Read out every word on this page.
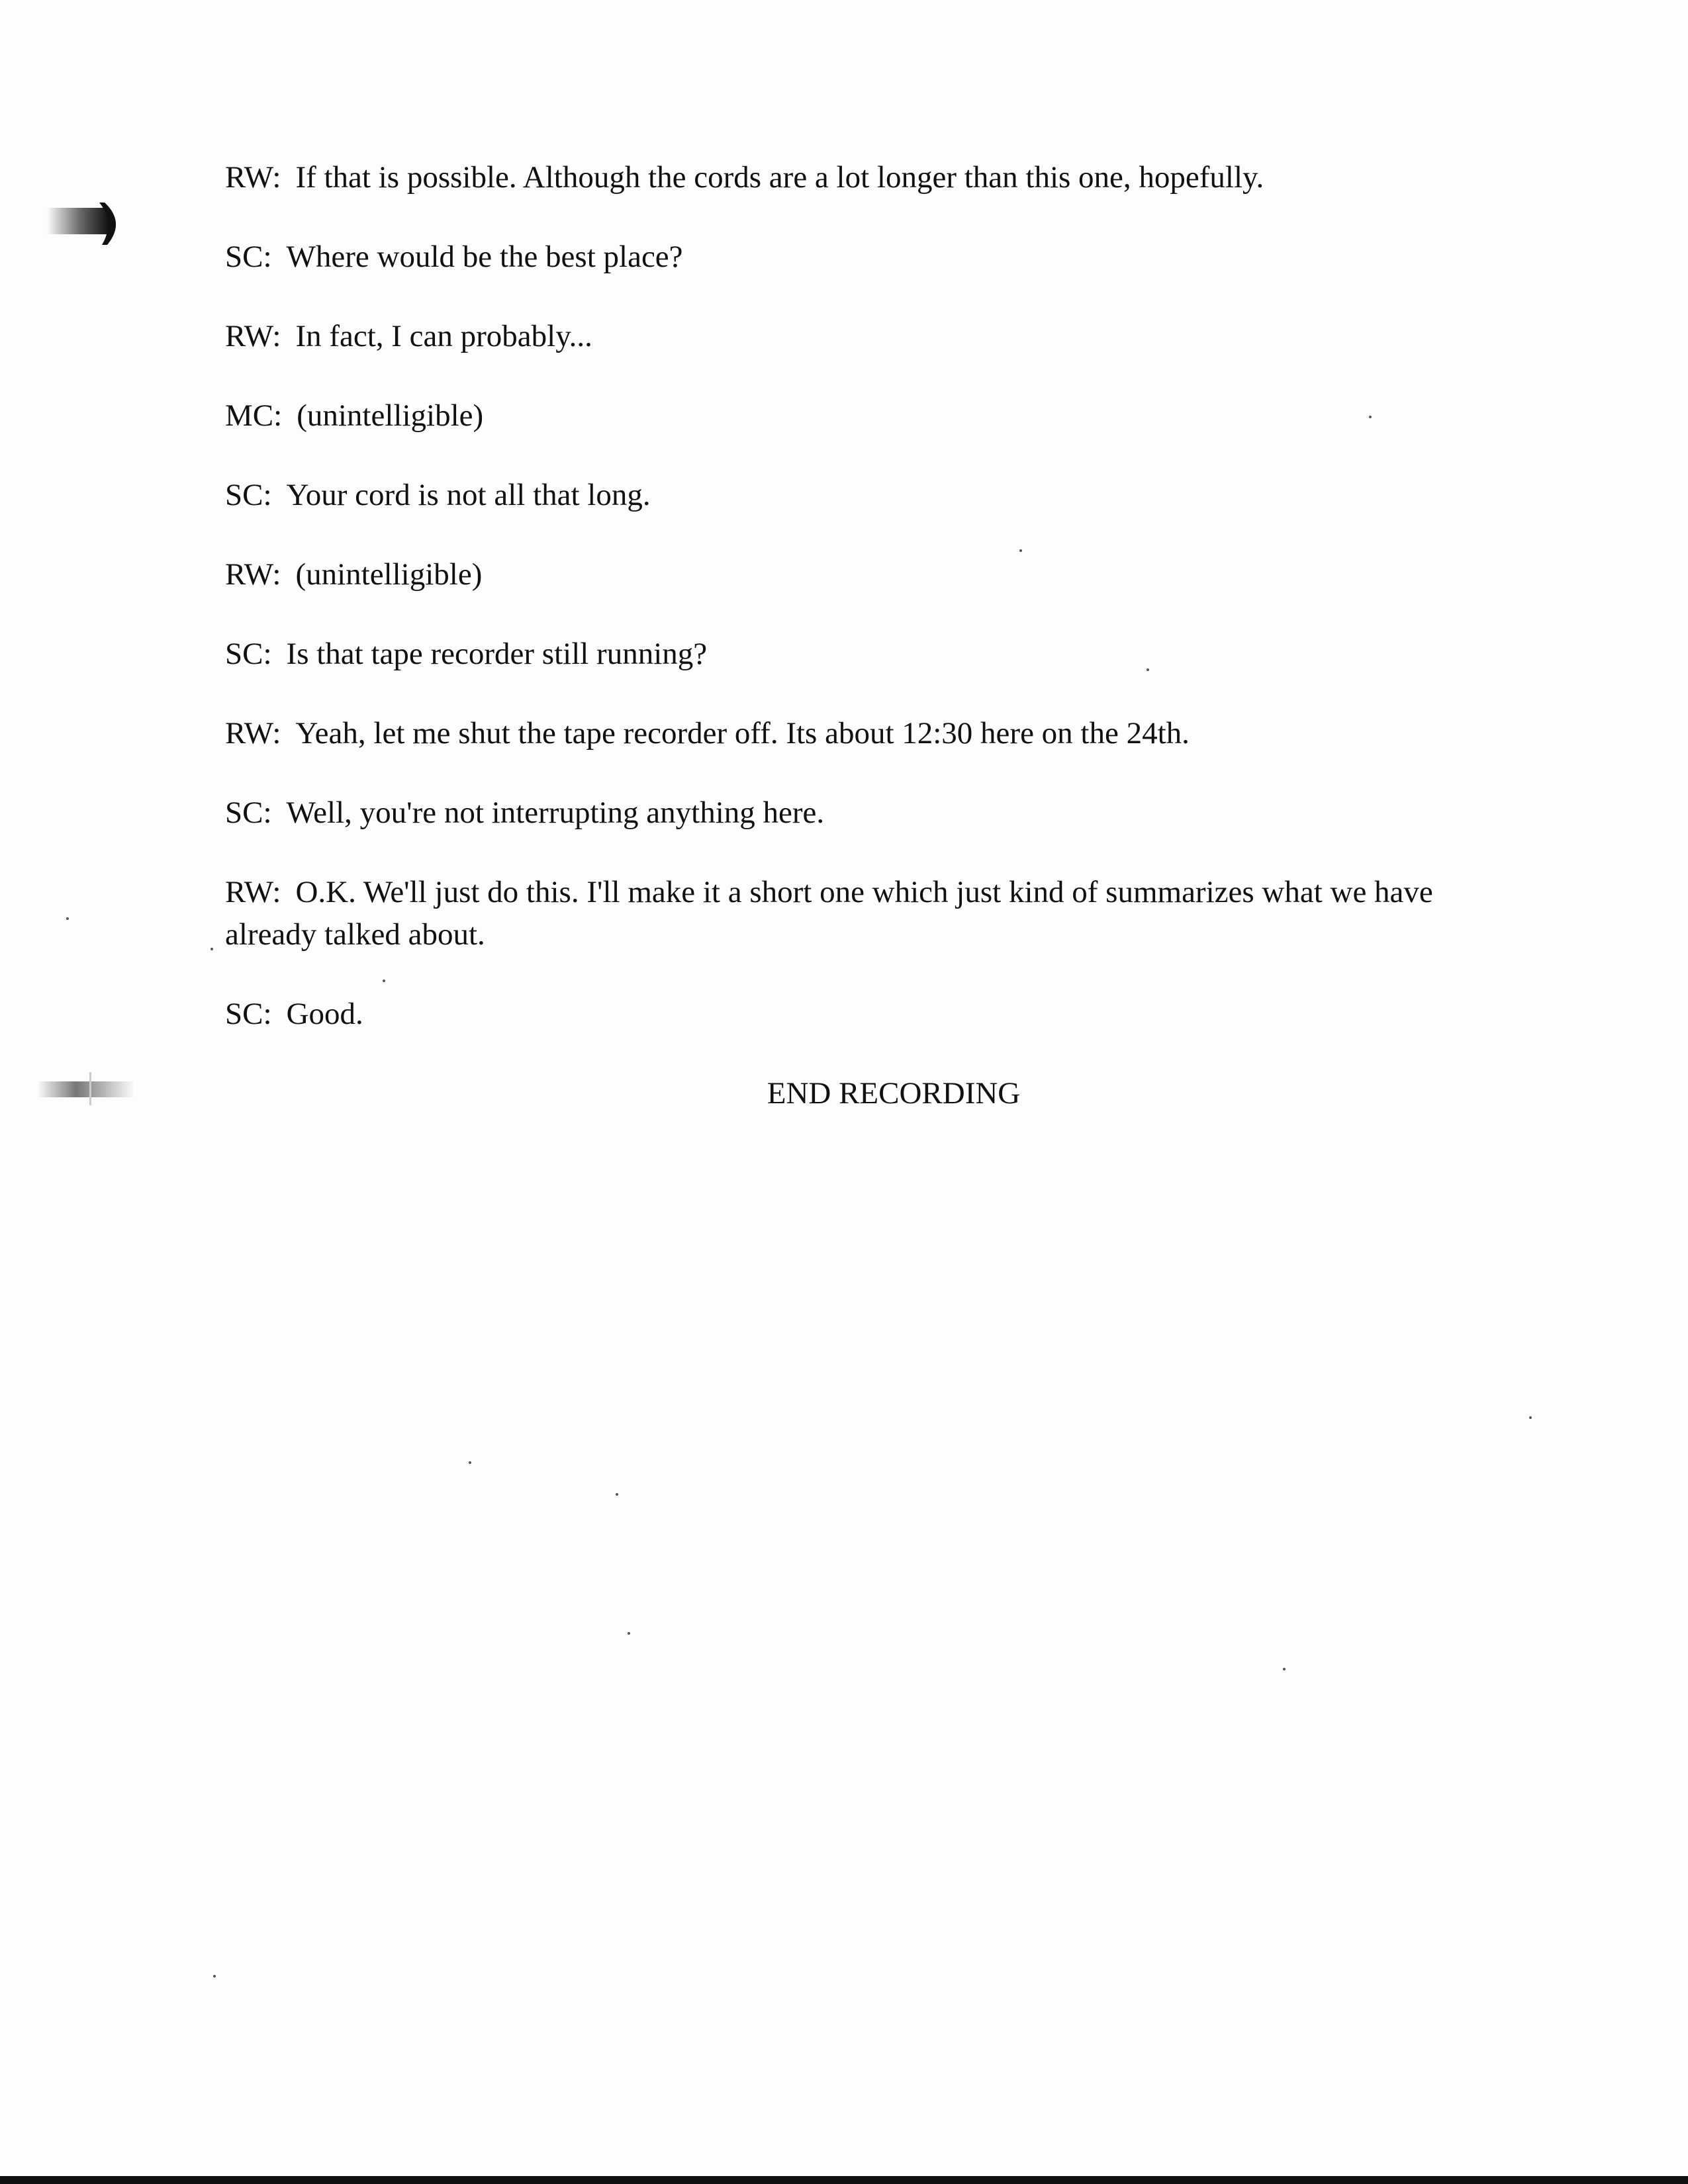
RW: If that is possible. Although the cords are a lot longer than this one, hopefully.

SC: Where would be the best place?

RW: In fact, I can probably...

MC: (unintelligible)

SC: Your cord is not all that long.

RW: (unintelligible)

SC: Is that tape recorder still running?

RW: Yeah, let me shut the tape recorder off. Its about 12:30 here on the 24th.

SC: Well, you're not interrupting anything here.

RW: O.K. We'll just do this. I'll make it a short one which just kind of summarizes what we have already talked about.

SC: Good.

END RECORDING
